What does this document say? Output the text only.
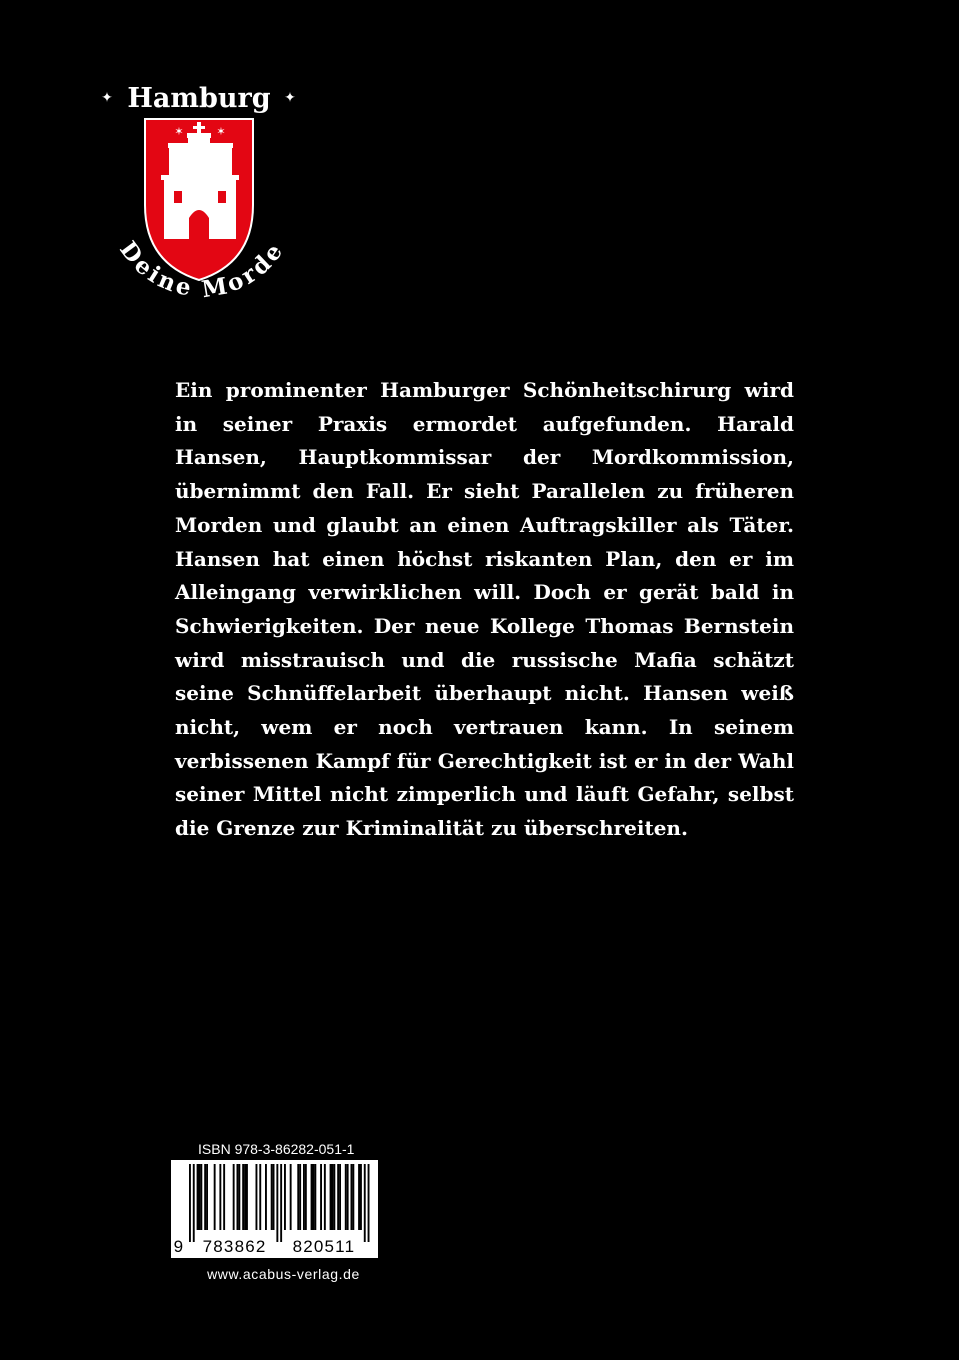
✦	✦
Hamburg
✶	✶
Deine Morde

Ein prominenter Hamburger Schönheitschirurg wird in seiner Praxis ermordet aufgefunden. Harald Hansen, Hauptkommissar der Mordkommission, übernimmt den Fall. Er sieht Parallelen zu früheren Morden und glaubt an einen Auftragskiller als Täter. Hansen hat einen höchst riskanten Plan, den er im Alleingang verwirklichen will. Doch er gerät bald in Schwierigkeiten. Der neue Kollege Thomas Bernstein wird misstrauisch und die russische Mafia schätzt seine Schnüffelarbeit überhaupt nicht. Hansen weiß nicht, wem er noch vertrauen kann. In seinem verbissenen Kampf für Gerechtigkeit ist er in der Wahl seiner Mittel nicht zimperlich und läuft Gefahr, selbst die Grenze zur Kriminalität zu überschreiten.

ISBN 978-3-86282-051-1
9 783862 820511
www.acabus-verlag.de
